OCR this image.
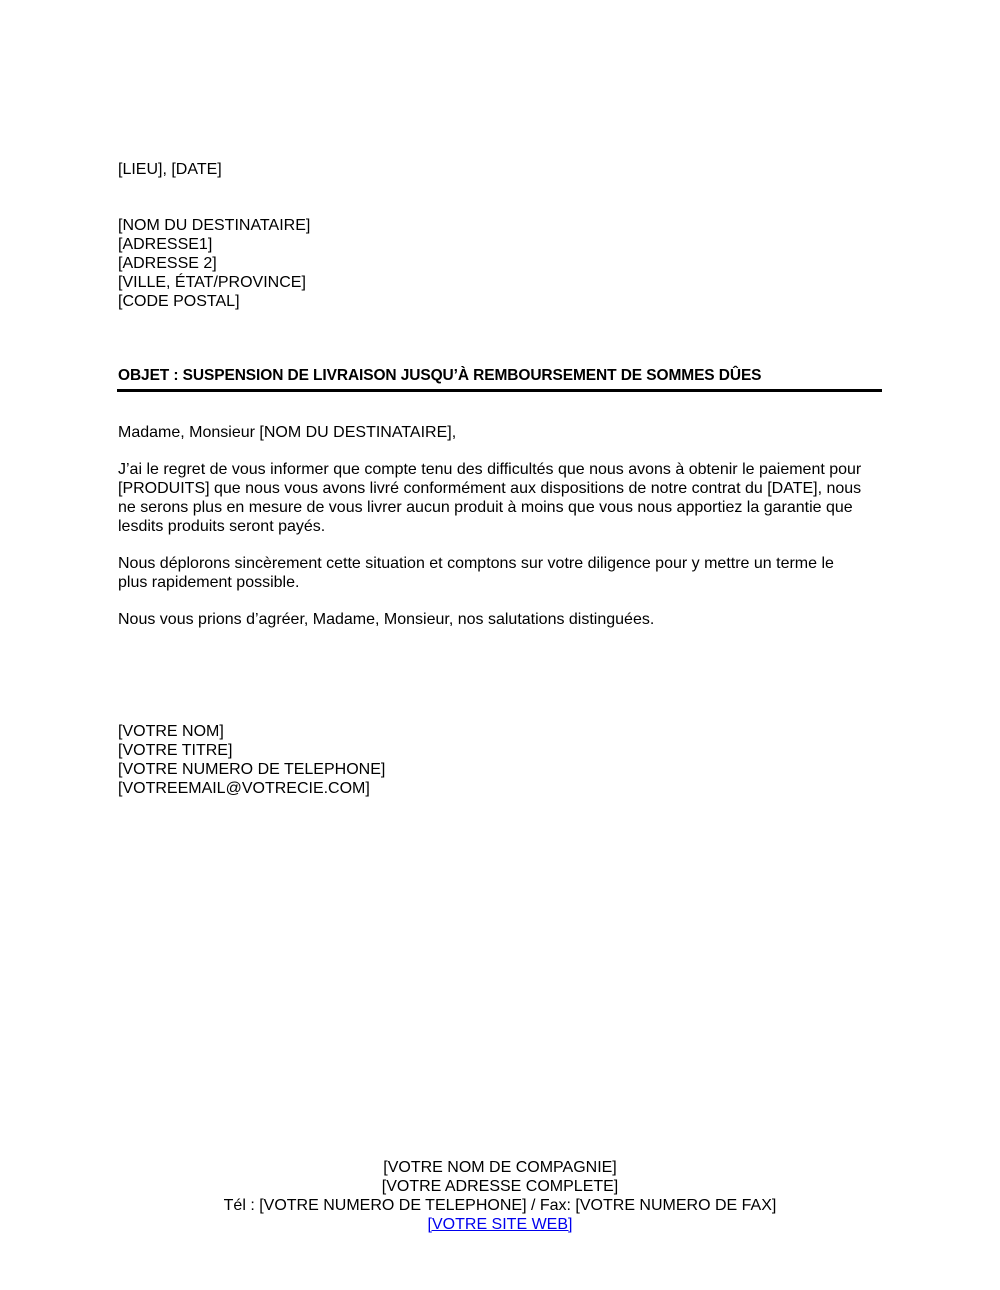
[LIEU], [DATE]
[NOM DU DESTINATAIRE]
[ADRESSE1]
[ADRESSE 2]
[VILLE, ÉTAT/PROVINCE]
[CODE POSTAL]
OBJET : SUSPENSION DE LIVRAISON JUSQU’À REMBOURSEMENT DE SOMMES DÛES
Madame, Monsieur [NOM DU DESTINATAIRE],
J’ai le regret de vous informer que compte tenu des difficultés que nous avons à obtenir le paiement pour
[PRODUITS] que nous vous avons livré conformément aux dispositions de notre contrat du [DATE], nous
ne serons plus en mesure de vous livrer aucun produit à moins que vous nous apportiez la garantie que
lesdits produits seront payés.
Nous déplorons sincèrement cette situation et comptons sur votre diligence pour y mettre un terme le
plus rapidement possible.
Nous vous prions d’agréer, Madame, Monsieur, nos salutations distinguées.
[VOTRE NOM]
[VOTRE TITRE]
[VOTRE NUMERO DE TELEPHONE]
[VOTREEMAIL@VOTRECIE.COM]
[VOTRE NOM DE COMPAGNIE]
[VOTRE ADRESSE COMPLETE]
Tél : [VOTRE NUMERO DE TELEPHONE] / Fax: [VOTRE NUMERO DE FAX]
[VOTRE SITE WEB]
